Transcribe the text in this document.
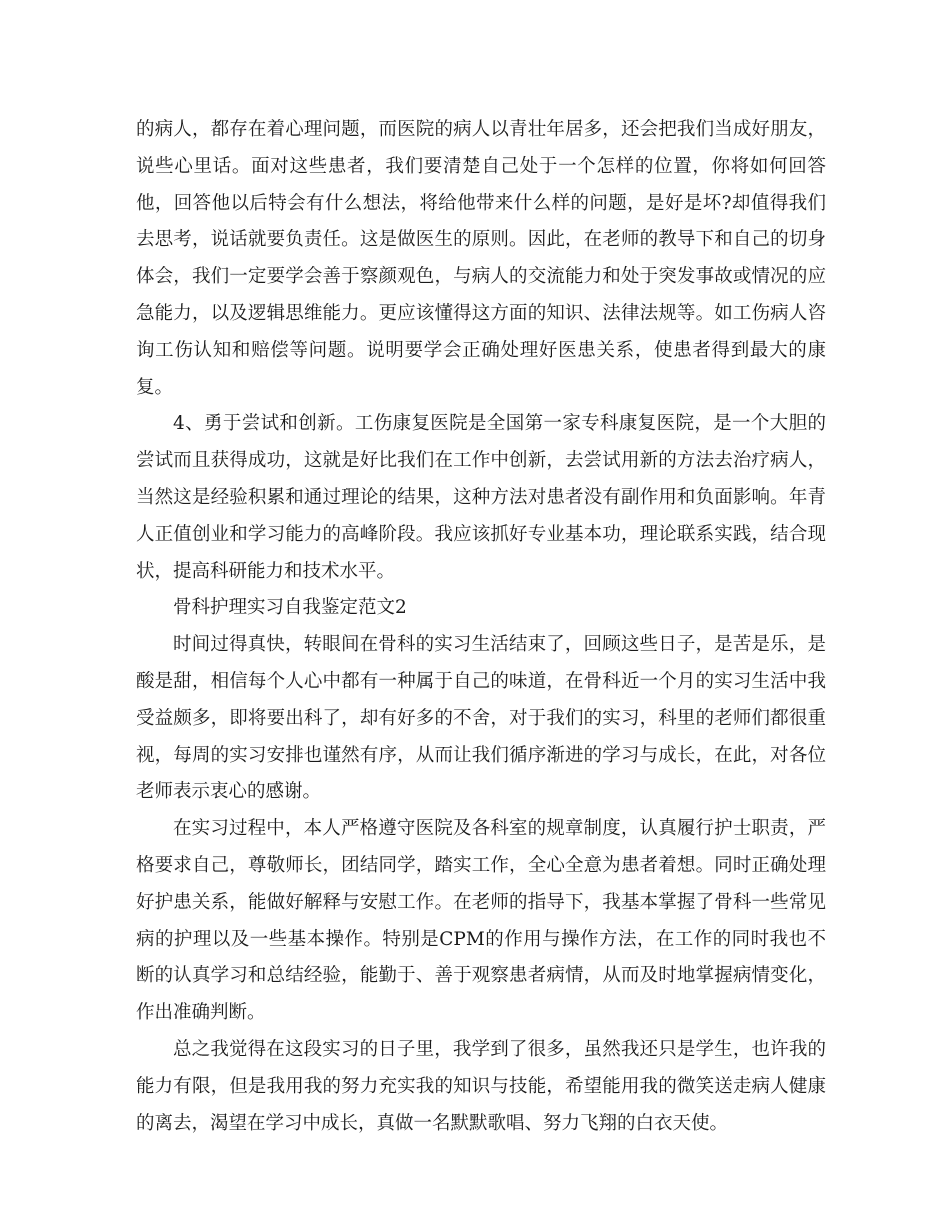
的病人，都存在着心理问题，而医院的病人以青壮年居多，还会把我们当成好朋友，说些心里话。面对这些患者，我们要清楚自己处于一个怎样的位置，你将如何回答他，回答他以后特会有什么想法，将给他带来什么样的问题，是好是坏?却值得我们去思考，说话就要负责任。这是做医生的原则。因此，在老师的教导下和自己的切身体会，我们一定要学会善于察颜观色，与病人的交流能力和处于突发事故或情况的应急能力，以及逻辑思维能力。更应该懂得这方面的知识、法律法规等。如工伤病人咨询工伤认知和赔偿等问题。说明要学会正确处理好医患关系，使患者得到最大的康复。

4、勇于尝试和创新。工伤康复医院是全国第一家专科康复医院，是一个大胆的尝试而且获得成功，这就是好比我们在工作中创新，去尝试用新的方法去治疗病人，当然这是经验积累和通过理论的结果，这种方法对患者没有副作用和负面影响。年青人正值创业和学习能力的高峰阶段。我应该抓好专业基本功，理论联系实践，结合现状，提高科研能力和技术水平。

骨科护理实习自我鉴定范文2

时间过得真快，转眼间在骨科的实习生活结束了，回顾这些日子，是苦是乐，是酸是甜，相信每个人心中都有一种属于自己的味道，在骨科近一个月的实习生活中我受益颇多，即将要出科了，却有好多的不舍，对于我们的实习，科里的老师们都很重视，每周的实习安排也谨然有序，从而让我们循序渐进的学习与成长，在此，对各位老师表示衷心的感谢。

在实习过程中，本人严格遵守医院及各科室的规章制度，认真履行护士职责，严格要求自己，尊敬师长，团结同学，踏实工作，全心全意为患者着想。同时正确处理好护患关系，能做好解释与安慰工作。在老师的指导下，我基本掌握了骨科一些常见病的护理以及一些基本操作。特别是CPM的作用与操作方法，在工作的同时我也不断的认真学习和总结经验，能勤于、善于观察患者病情，从而及时地掌握病情变化，作出准确判断。

总之我觉得在这段实习的日子里，我学到了很多，虽然我还只是学生，也许我的能力有限，但是我用我的努力充实我的知识与技能，希望能用我的微笑送走病人健康的离去，渴望在学习中成长，真做一名默默歌唱、努力飞翔的白衣天使。
